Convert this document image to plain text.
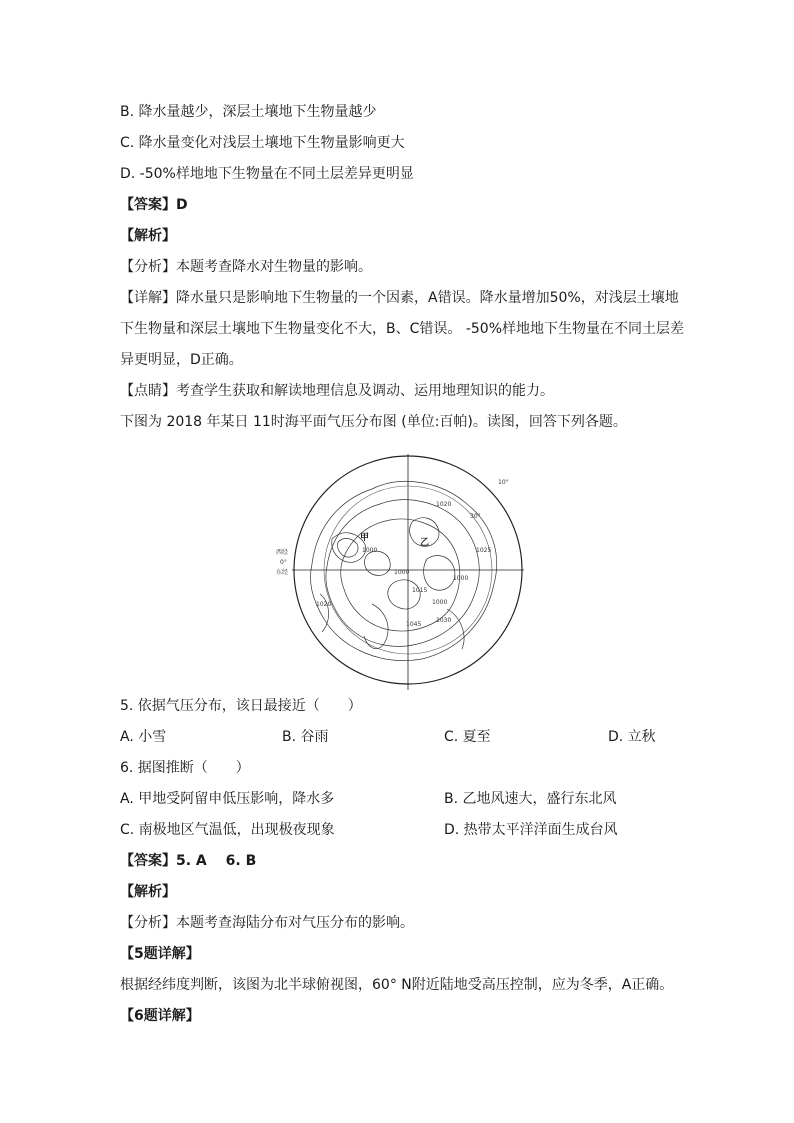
B. 降水量越少，深层土壤地下生物量越少
C. 降水量变化对浅层土壤地下生物量影响更大
D. -50%样地地下生物量在不同土层差异更明显
【答案】D
【解析】
【分析】本题考查降水对生物量的影响。
【详解】降水量只是影响地下生物量的一个因素，A错误。降水量增加50%，对浅层土壤地
下生物量和深层土壤地下生物量变化不大，B、C错误。 -50%样地地下生物量在不同土层差
异更明显，D正确。
【点睛】考查学生获取和解读地理信息及调动、运用地理知识的能力。
下图为 2018 年某日 11时海平面气压分布图 (单位:百帕)。读图，回答下列各题。
甲	乙
西经
0°
东经
10°
30°
1020
1025
1000
1000
1015
1000
1020
1045
1030
1000
5. 依据气压分布，该日最接近（　　）
A. 小雪	B. 谷雨	C. 夏至	D. 立秋
6. 据图推断（　　）
A. 甲地受阿留申低压影响，降水多	B. 乙地风速大，盛行东北风
C. 南极地区气温低，出现极夜现象	D. 热带太平洋洋面生成台风
【答案】5. A　 6. B
【解析】
【分析】本题考查海陆分布对气压分布的影响。
【5题详解】
根据经纬度判断，该图为北半球俯视图，60° N附近陆地受高压控制，应为冬季，A正确。
【6题详解】
